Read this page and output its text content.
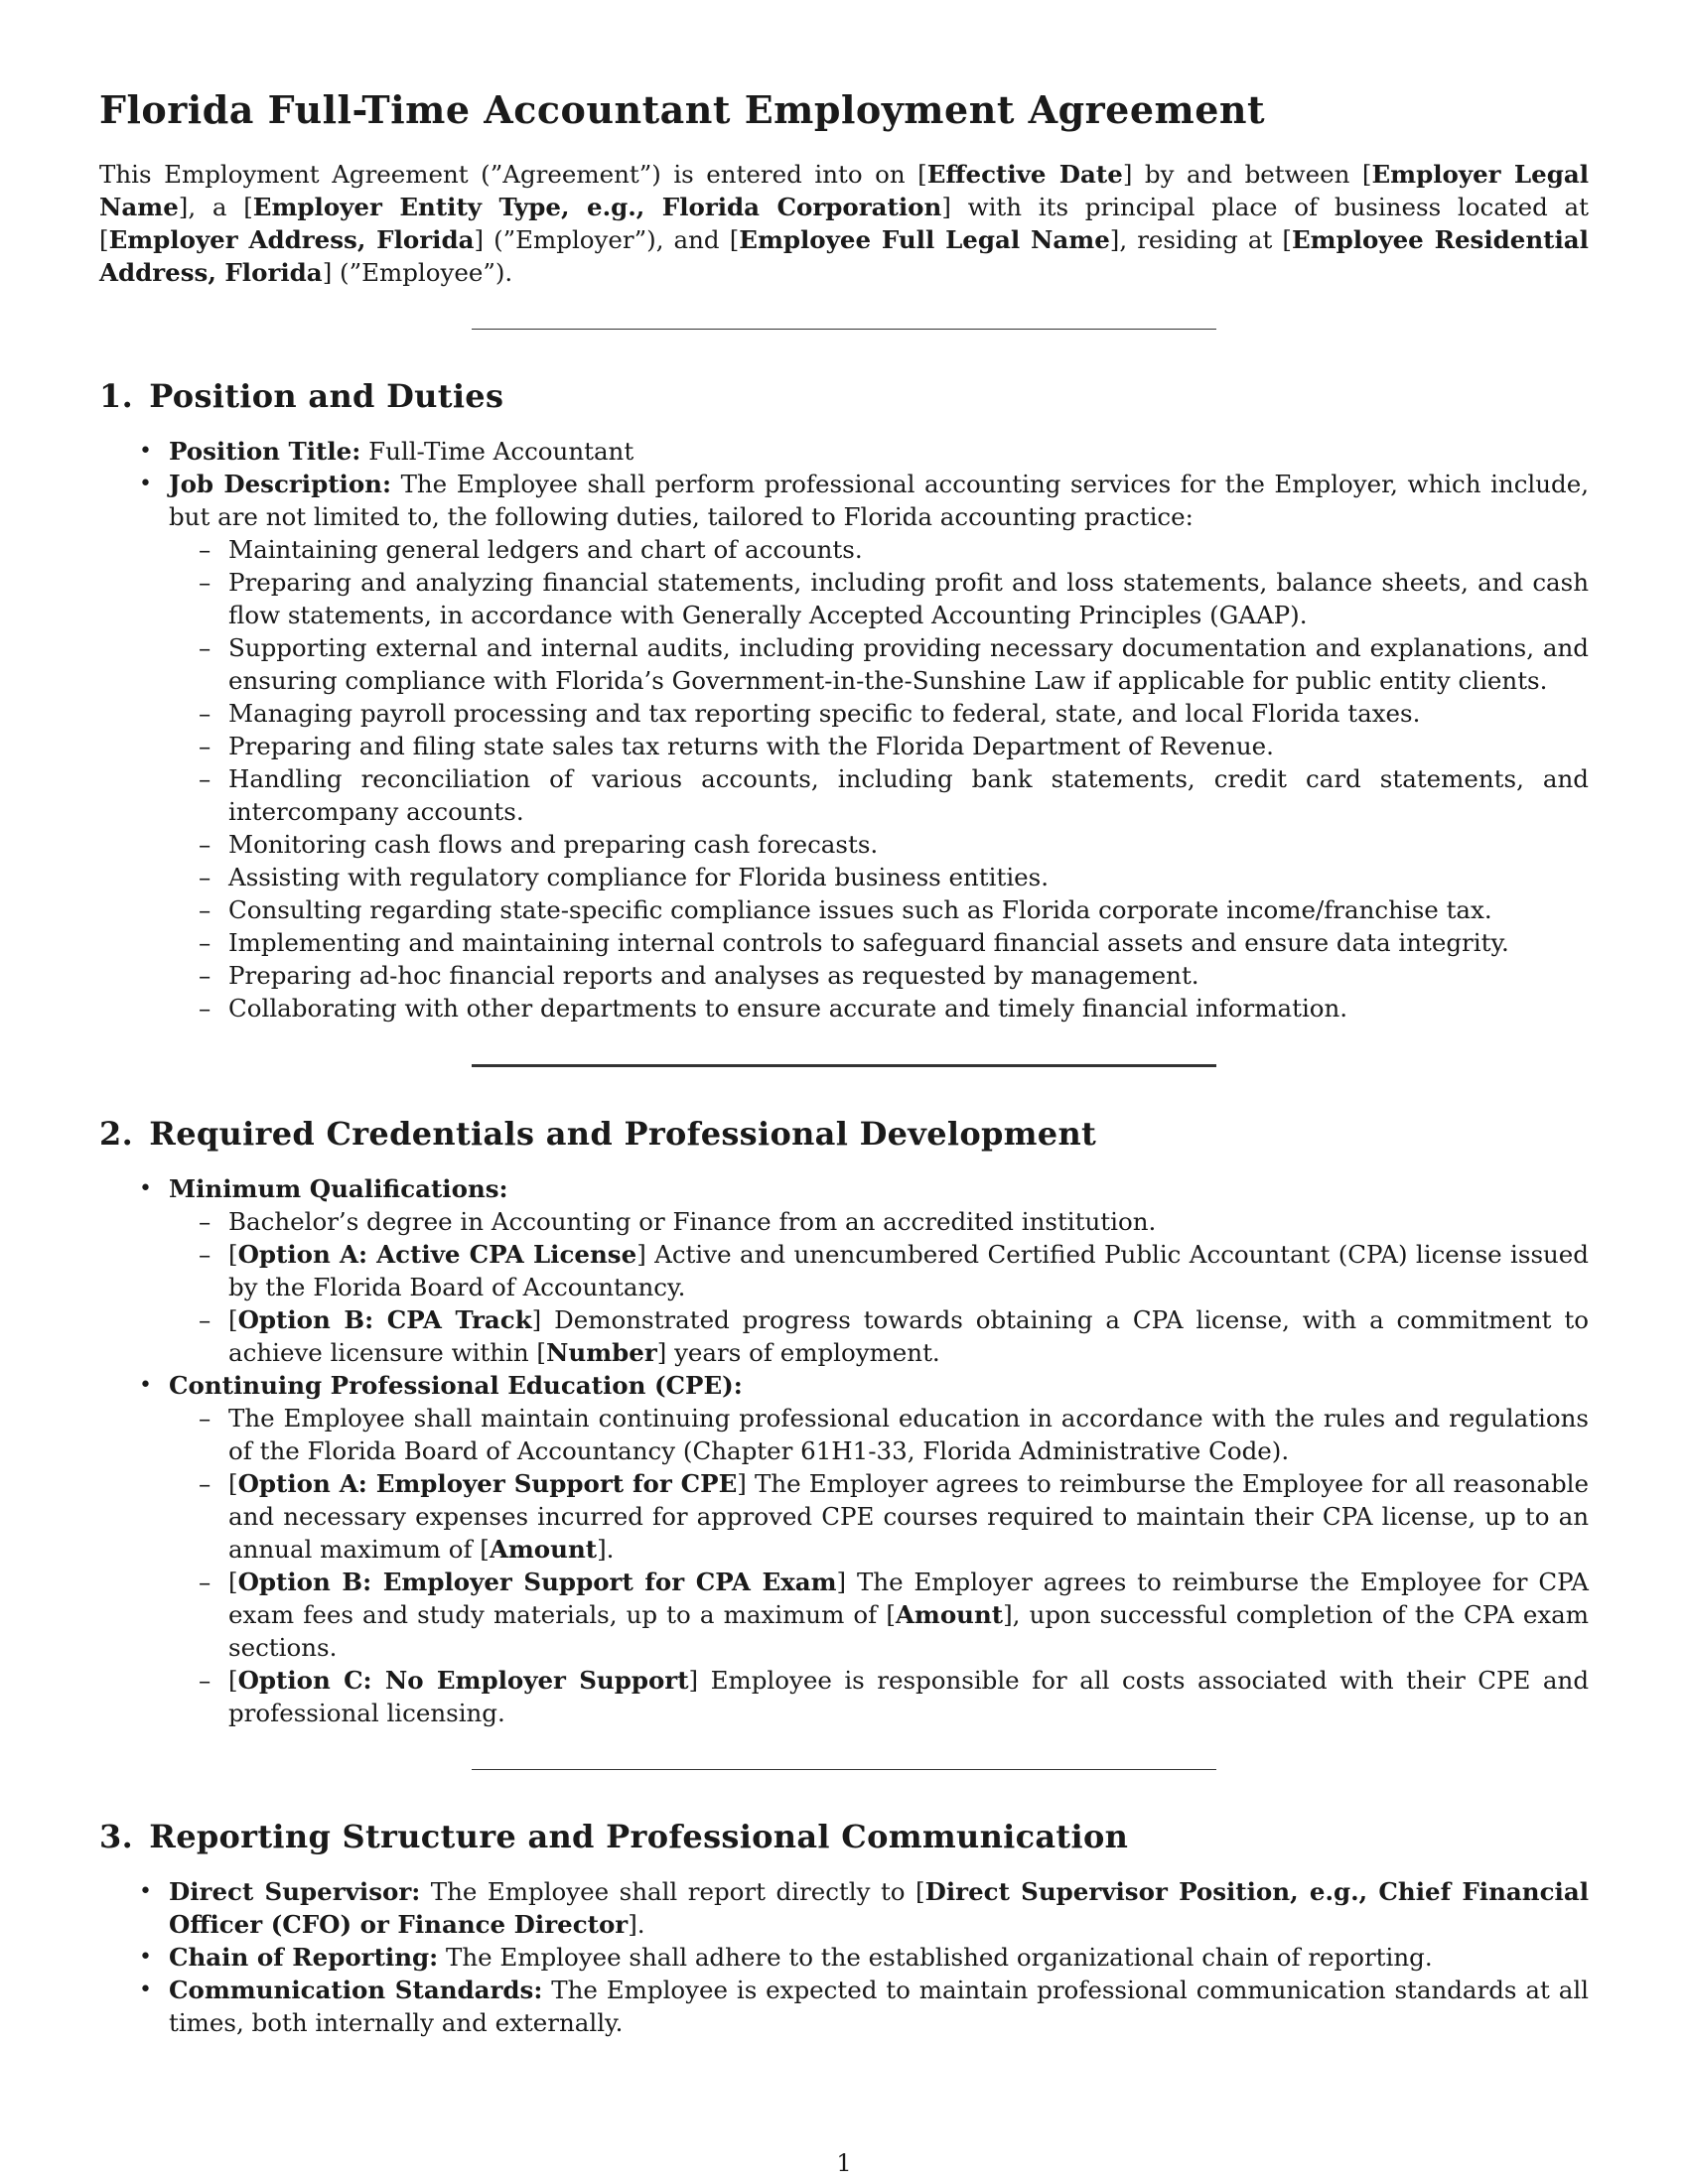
Florida Full-Time Accountant Employment Agreement

This Employment Agreement (”Agreement”) is entered into on [Effective Date] by and between [Employer Legal Name], a [Employer Entity Type, e.g., Florida Corporation] with its principal place of business located at [Employer Address, Florida] (”Employer”), and [Employee Full Legal Name], residing at [Employee Residential Address, Florida] (”Employee”).

1. Position and Duties
• Position Title: Full-Time Accountant
• Job Description: The Employee shall perform professional accounting services for the Employer, which include, but are not limited to, the following duties, tailored to Florida accounting practice:
– Maintaining general ledgers and chart of accounts.
– Preparing and analyzing financial statements, including profit and loss statements, balance sheets, and cash flow statements, in accordance with Generally Accepted Accounting Principles (GAAP).
– Supporting external and internal audits, including providing necessary documentation and explanations, and ensuring compliance with Florida’s Government-in-the-Sunshine Law if applicable for public entity clients.
– Managing payroll processing and tax reporting specific to federal, state, and local Florida taxes.
– Preparing and filing state sales tax returns with the Florida Department of Revenue.
– Handling reconciliation of various accounts, including bank statements, credit card statements, and intercompany accounts.
– Monitoring cash flows and preparing cash forecasts.
– Assisting with regulatory compliance for Florida business entities.
– Consulting regarding state-specific compliance issues such as Florida corporate income/franchise tax.
– Implementing and maintaining internal controls to safeguard financial assets and ensure data integrity.
– Preparing ad-hoc financial reports and analyses as requested by management.
– Collaborating with other departments to ensure accurate and timely financial information.
2. Required Credentials and Professional Development
• Minimum Qualifications:
– Bachelor’s degree in Accounting or Finance from an accredited institution.
– [Option A: Active CPA License] Active and unencumbered Certified Public Accountant (CPA) license issued by the Florida Board of Accountancy.
– [Option B: CPA Track] Demonstrated progress towards obtaining a CPA license, with a commitment to achieve licensure within [Number] years of employment.
• Continuing Professional Education (CPE):
– The Employee shall maintain continuing professional education in accordance with the rules and regulations of the Florida Board of Accountancy (Chapter 61H1-33, Florida Administrative Code).
– [Option A: Employer Support for CPE] The Employer agrees to reimburse the Employee for all reasonable and necessary expenses incurred for approved CPE courses required to maintain their CPA license, up to an annual maximum of [Amount].
– [Option B: Employer Support for CPA Exam] The Employer agrees to reimburse the Employee for CPA exam fees and study materials, up to a maximum of [Amount], upon successful completion of the CPA exam sections.
– [Option C: No Employer Support] Employee is responsible for all costs associated with their CPE and professional licensing.
3. Reporting Structure and Professional Communication
• Direct Supervisor: The Employee shall report directly to [Direct Supervisor Position, e.g., Chief Financial Officer (CFO) or Finance Director].
• Chain of Reporting: The Employee shall adhere to the established organizational chain of reporting.
• Communication Standards: The Employee is expected to maintain professional communication standards at all times, both internally and externally.
1
